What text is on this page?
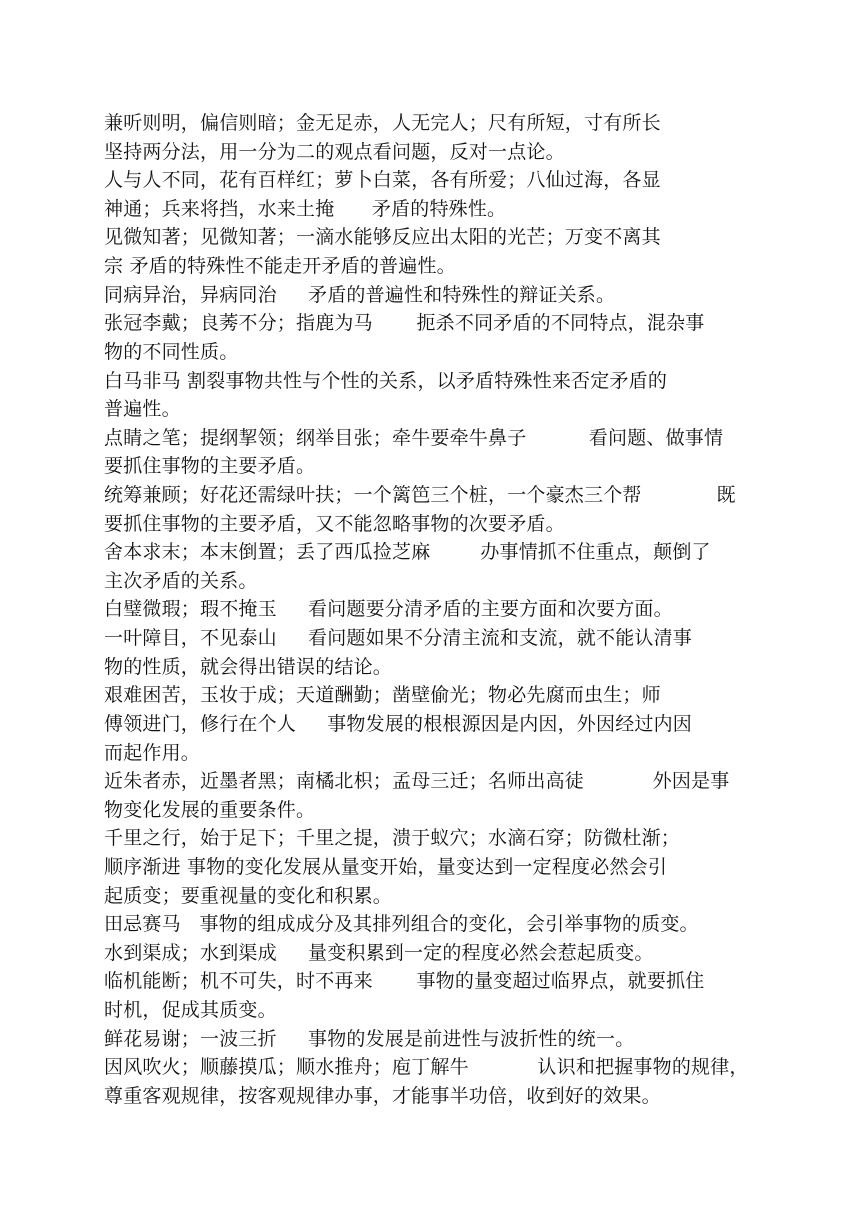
兼听则明，偏信则暗；金无足赤，人无完人；尺有所短，寸有所长
坚持两分法，用一分为二的观点看问题，反对一点论。
人与人不同，花有百样红；萝卜白菜，各有所爱；八仙过海，各显
神通；兵来将挡，水来土掩      矛盾的特殊性。
见微知著；见微知著；一滴水能够反应出太阳的光芒；万变不离其
宗 矛盾的特殊性不能走开矛盾的普遍性。
同病异治，异病同治     矛盾的普遍性和特殊性的辩证关系。
张冠李戴；良莠不分；指鹿为马       扼杀不同矛盾的不同特点，混杂事
物的不同性质。
白马非马 割裂事物共性与个性的关系，以矛盾特殊性来否定矛盾的
普遍性。
点睛之笔；提纲挈领；纲举目张；牵牛要牵牛鼻子          看问题、做事情
要抓住事物的主要矛盾。
统筹兼顾；好花还需绿叶扶；一个篱笆三个桩，一个豪杰三个帮            既
要抓住事物的主要矛盾，又不能忽略事物的次要矛盾。
舍本求末；本末倒置；丢了西瓜捡芝麻        办事情抓不住重点，颠倒了
主次矛盾的关系。
白璧微瑕；瑕不掩玉     看问题要分清矛盾的主要方面和次要方面。
一叶障目，不见泰山     看问题如果不分清主流和支流，就不能认清事
物的性质，就会得出错误的结论。
艰难困苦，玉妆于成；天道酬勤；凿壁偷光；物必先腐而虫生；师
傅领进门，修行在个人     事物发展的根根源因是内因，外因经过内因
而起作用。
近朱者赤，近墨者黑；南橘北枳；孟母三迁；名师出高徒           外因是事
物变化发展的重要条件。
千里之行，始于足下；千里之提，溃于蚁穴；水滴石穿；防微杜渐；
顺序渐进 事物的变化发展从量变开始，量变达到一定程度必然会引
起质变；要重视量的变化和积累。
田忌赛马   事物的组成成分及其排列组合的变化，会引举事物的质变。
水到渠成；水到渠成     量变积累到一定的程度必然会惹起质变。
临机能断；机不可失，时不再来       事物的量变超过临界点，就要抓住
时机，促成其质变。
鲜花易谢；一波三折     事物的发展是前进性与波折性的统一。
因风吹火；顺藤摸瓜；顺水推舟；庖丁解牛           认识和把握事物的规律，
尊重客观规律，按客观规律办事，才能事半功倍，收到好的效果。
